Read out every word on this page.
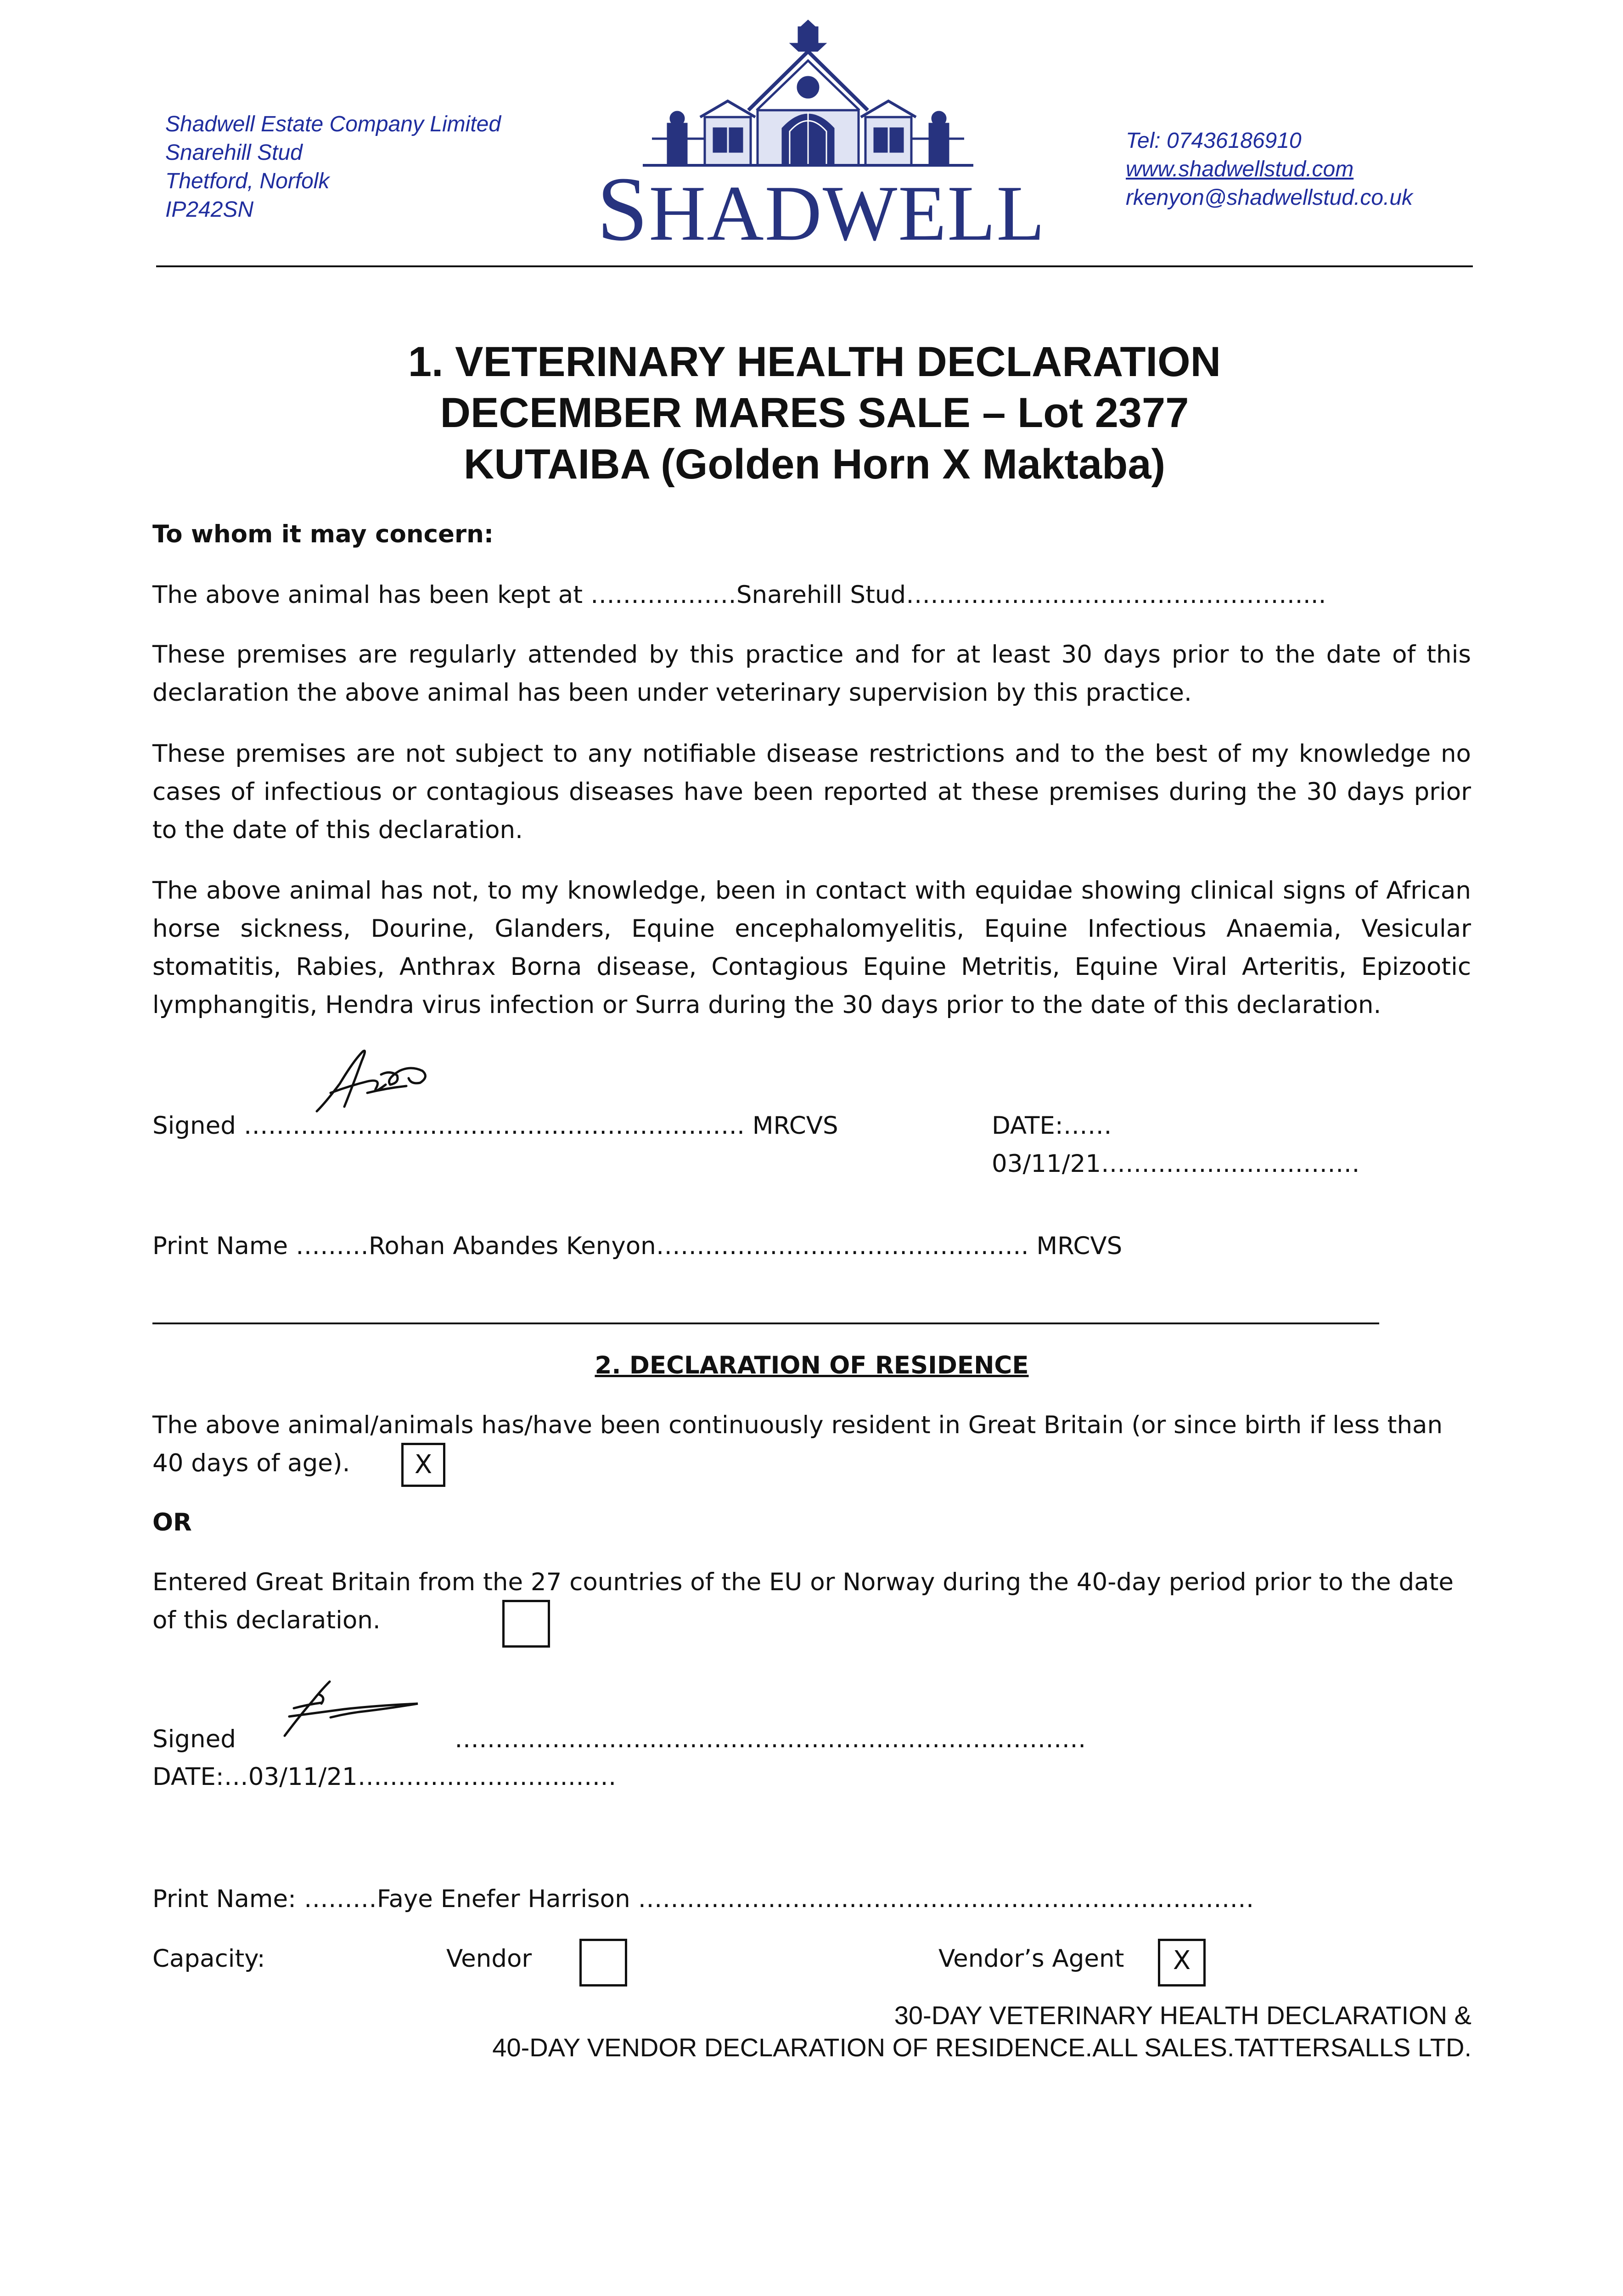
Shadwell Estate Company Limited
Snarehill Stud
Thetford, Norfolk
IP242SN	SHADWELL
Tel: 07436186910
www.shadwellstud.com
rkenyon@shadwellstud.co.uk
1. VETERINARY HEALTH DECLARATION
DECEMBER MARES SALE – Lot 2377
KUTAIBA (Golden Horn X Maktaba)
To whom it may concern:
The above animal has been kept at ………………Snarehill Stud……………….…………………………...
These premises are regularly attended by this practice and for at least 30 days prior to the date of this declaration the above animal has been under veterinary supervision by this practice.
These premises are not subject to any notifiable disease restrictions and to the best of my knowledge no cases of infectious or contagious diseases have been reported at these premises during the 30 days prior to the date of this declaration.
The above animal has not, to my knowledge, been in contact with equidae showing clinical signs of African horse sickness, Dourine, Glanders, Equine encephalomyelitis, Equine Infectious Anaemia, Vesicular stomatitis, Rabies, Anthrax Borna disease, Contagious Equine Metritis, Equine Viral Arteritis, Epizootic lymphangitis, Hendra virus infection or Surra during the 30 days prior to the date of this declaration.
Signed …………………..…………….….………………. MRCVS	DATE:……03/11/21……………..……………
Print Name ………Rohan Abandes Kenyon………………………………………. MRCVS
2. DECLARATION OF RESIDENCE
The above animal/animals has/have been continuously resident in Great Britain (or since birth if less than 40 days of age).	X
OR
Entered Great Britain from the 27 countries of the EU or Norway during the 40-day period prior to the date of this declaration.
Signed	…………………….………………………..……………………
DATE:…03/11/21….………………….……
Print Name: ………Faye Enefer Harrison …………………………………….……………………………
Capacity:	Vendor	Vendor’s Agent	X
30-DAY VETERINARY HEALTH DECLARATION &
40-DAY VENDOR DECLARATION OF RESIDENCE.ALL SALES.TATTERSALLS LTD.
